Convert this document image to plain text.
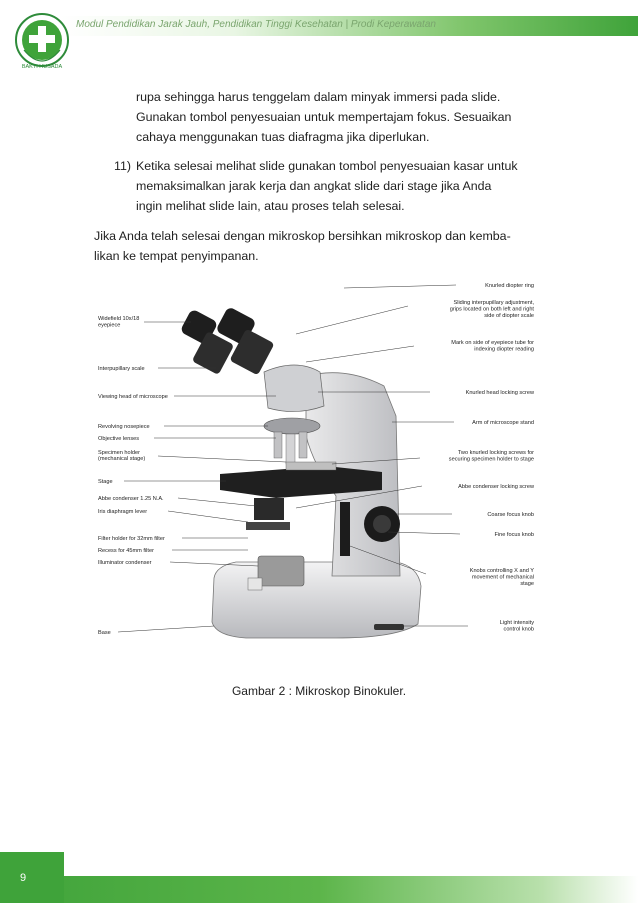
Modul Pendidikan Jarak Jauh, Pendidikan Tinggi Kesehatan | Prodi Keperawatan
BAKTI HUSADA

rupa sehingga harus tenggelam dalam minyak immersi pada slide.

Gunakan tombol penyesuaian untuk mempertajam fokus. Sesuaikan

cahaya menggunakan tuas diafragma jika diperlukan.

11) Ketika selesai melihat slide gunakan tombol penyesuaian kasar untuk

memaksimalkan jarak kerja dan angkat slide dari stage jika Anda

ingin melihat slide lain, atau proses telah selesai.

Jika Anda telah selesai dengan mikroskop bersihkan mikroskop dan kemba-

likan ke tempat penyimpanan.

Widefield 10x/18 eyepiece
Interpupillary scale
Viewing head of microscope
Revolving nosepiece
Objective lenses
Specimen holder (mechanical stage)
Stage
Abbe condenser 1.25 N.A.
Iris diaphragm lever
Filter holder for 32mm filter
Recess for 45mm filter
Illuminator condenser
Base
Knurled diopter ring
Sliding interpupillary adjustment, grips located on both left and right side of diopter scale
Mark on side of eyepiece tube for indexing diopter reading
Knurled head locking screw
Arm of microscope stand
Two knurled locking screws for securing specimen holder to stage
Abbe condenser locking screw
Coarse focus knob
Fine focus knob
Knobs controlling X and Y movement of mechanical stage
Light intensity control knob
Gambar 2 : Mikroskop Binokuler.
9
